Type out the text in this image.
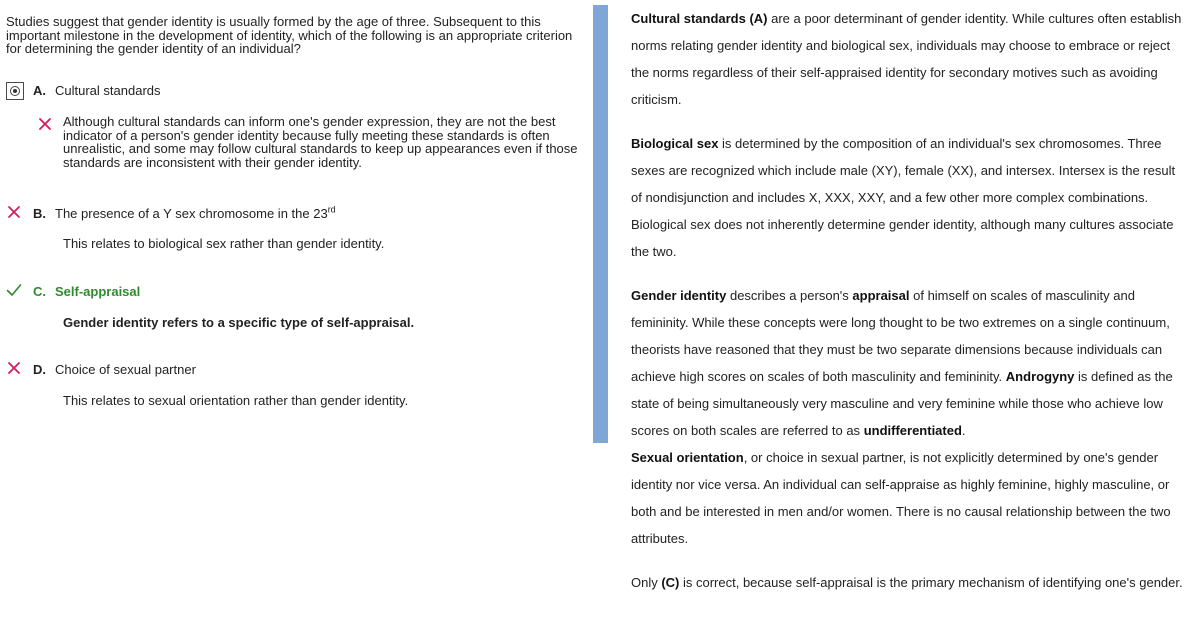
Studies suggest that gender identity is usually formed by the age of three. Subsequent to this important milestone in the development of identity, which of the following is an appropriate criterion for determining the gender identity of an individual?
A. Cultural standards
Although cultural standards can inform one's gender expression, they are not the best indicator of a person's gender identity because fully meeting these standards is often unrealistic, and some may follow cultural standards to keep up appearances even if those standards are inconsistent with their gender identity.
B. The presence of a Y sex chromosome in the 23rd
This relates to biological sex rather than gender identity.
C. Self-appraisal
Gender identity refers to a specific type of self-appraisal.
D. Choice of sexual partner
This relates to sexual orientation rather than gender identity.

Cultural standards (A) are a poor determinant of gender identity. While cultures often establish norms relating gender identity and biological sex, individuals may choose to embrace or reject the norms regardless of their self-appraised identity for secondary motives such as avoiding criticism.

Biological sex is determined by the composition of an individual's sex chromosomes. Three sexes are recognized which include male (XY), female (XX), and intersex. Intersex is the result of nondisjunction and includes X, XXX, XXY, and a few other more complex combinations. Biological sex does not inherently determine gender identity, although many cultures associate the two.

Gender identity describes a person's appraisal of himself on scales of masculinity and femininity. While these concepts were long thought to be two extremes on a single continuum, theorists have reasoned that they must be two separate dimensions because individuals can achieve high scores on scales of both masculinity and femininity. Androgyny is defined as the state of being simultaneously very masculine and very feminine while those who achieve low scores on both scales are referred to as undifferentiated.

Sexual orientation, or choice in sexual partner, is not explicitly determined by one's gender identity nor vice versa. An individual can self-appraise as highly feminine, highly masculine, or both and be interested in men and/or women. There is no causal relationship between the two attributes.

Only (C) is correct, because self-appraisal is the primary mechanism of identifying one's gender.
